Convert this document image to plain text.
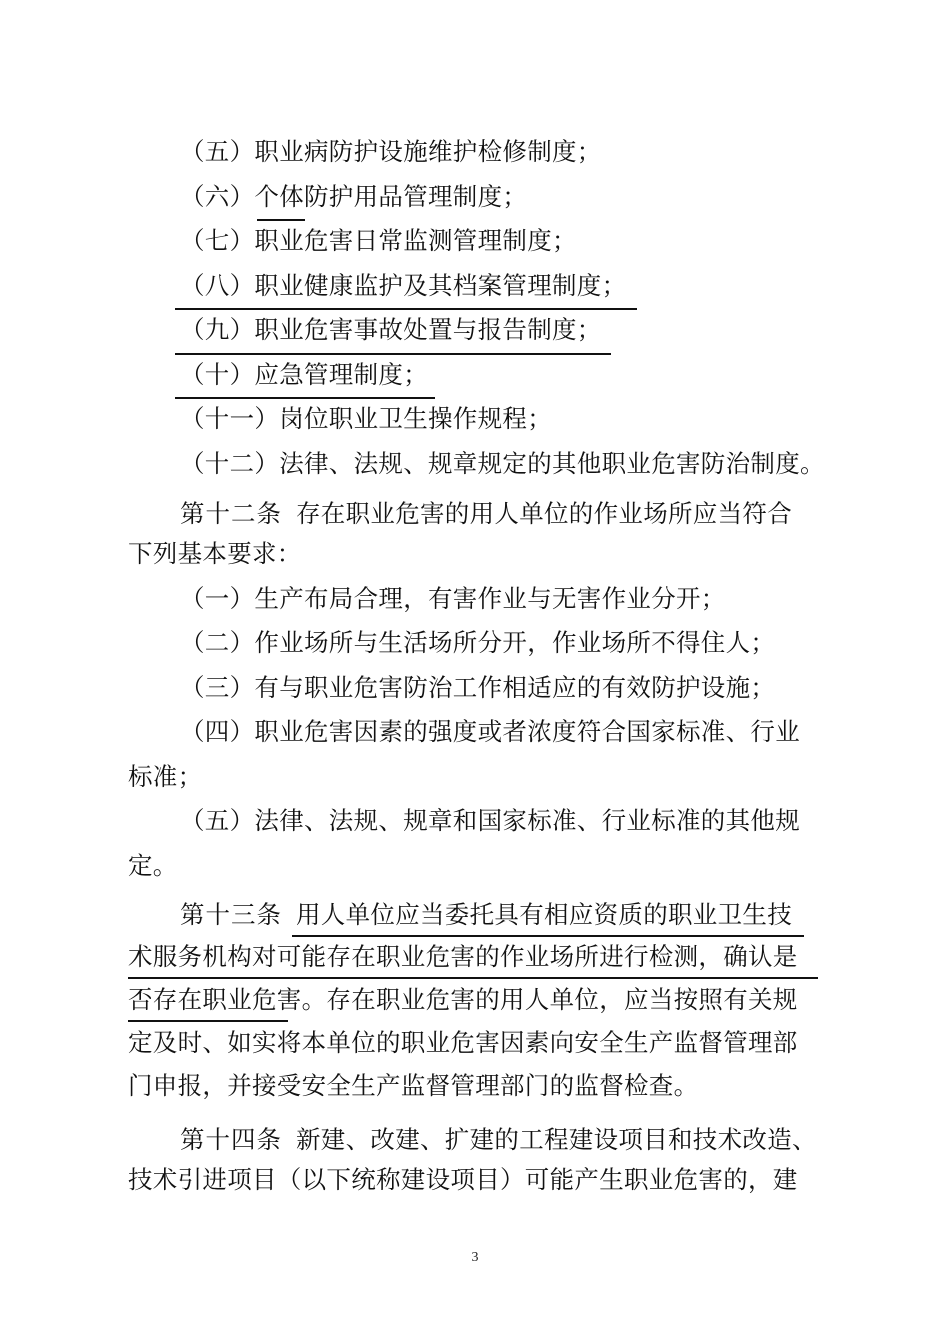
（五）职业病防护设施维护检修制度；
（六）个体防护用品管理制度；
（七）职业危害日常监测管理制度；
（八）职业健康监护及其档案管理制度；
（九）职业危害事故处置与报告制度；
（十）应急管理制度；
（十一）岗位职业卫生操作规程；
（十二）法律、法规、规章规定的其他职业危害防治制度。
第十二条 存在职业危害的用人单位的作业场所应当符合
下列基本要求：
（一）生产布局合理，有害作业与无害作业分开；
（二）作业场所与生活场所分开，作业场所不得住人；
（三）有与职业危害防治工作相适应的有效防护设施；
（四）职业危害因素的强度或者浓度符合国家标准、行业
标准；
（五）法律、法规、规章和国家标准、行业标准的其他规
定。
第十三条 用人单位应当委托具有相应资质的职业卫生技
术服务机构对可能存在职业危害的作业场所进行检测，确认是
否存在职业危害。存在职业危害的用人单位，应当按照有关规
定及时、如实将本单位的职业危害因素向安全生产监督管理部
门申报，并接受安全生产监督管理部门的监督检查。
第十四条 新建、改建、扩建的工程建设项目和技术改造、
技术引进项目（以下统称建设项目）可能产生职业危害的，建
3
